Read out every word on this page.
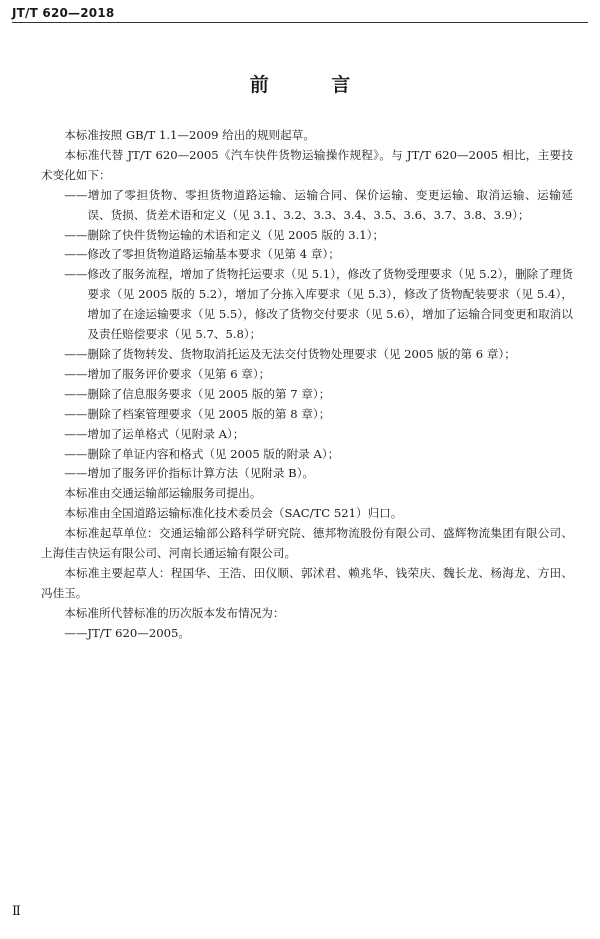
JT/T 620—2018
前 言

本标准按照 GB/T 1.1—2009 给出的规则起草。

本标准代替 JT/T 620—2005《汽车快件货物运输操作规程》。与 JT/T 620—2005 相比，主要技术变化如下：

——增加了零担货物、零担货物道路运输、运输合同、保价运输、变更运输、取消运输、运输延误、货损、货差术语和定义（见 3.1、3.2、3.3、3.4、3.5、3.6、3.7、3.8、3.9）；

——删除了快件货物运输的术语和定义（见 2005 版的 3.1）；

——修改了零担货物道路运输基本要求（见第 4 章）；

——修改了服务流程，增加了货物托运要求（见 5.1），修改了货物受理要求（见 5.2），删除了理货要求（见 2005 版的 5.2），增加了分拣入库要求（见 5.3），修改了货物配装要求（见 5.4），增加了在途运输要求（见 5.5），修改了货物交付要求（见 5.6），增加了运输合同变更和取消以及责任赔偿要求（见 5.7、5.8）；

——删除了货物转发、货物取消托运及无法交付货物处理要求（见 2005 版的第 6 章）；

——增加了服务评价要求（见第 6 章）；

——删除了信息服务要求（见 2005 版的第 7 章）；

——删除了档案管理要求（见 2005 版的第 8 章）；

——增加了运单格式（见附录 A）；

——删除了单证内容和格式（见 2005 版的附录 A）；

——增加了服务评价指标计算方法（见附录 B）。

本标准由交通运输部运输服务司提出。

本标准由全国道路运输标准化技术委员会（SAC/TC 521）归口。

本标准起草单位：交通运输部公路科学研究院、德邦物流股份有限公司、盛辉物流集团有限公司、上海佳吉快运有限公司、河南长通运输有限公司。

本标准主要起草人：程国华、王浩、田仪顺、郭沭君、赖兆华、钱荣庆、魏长龙、杨海龙、方田、冯佳玉。

本标准所代替标准的历次版本发布情况为：

——JT/T 620—2005。

Ⅱ
